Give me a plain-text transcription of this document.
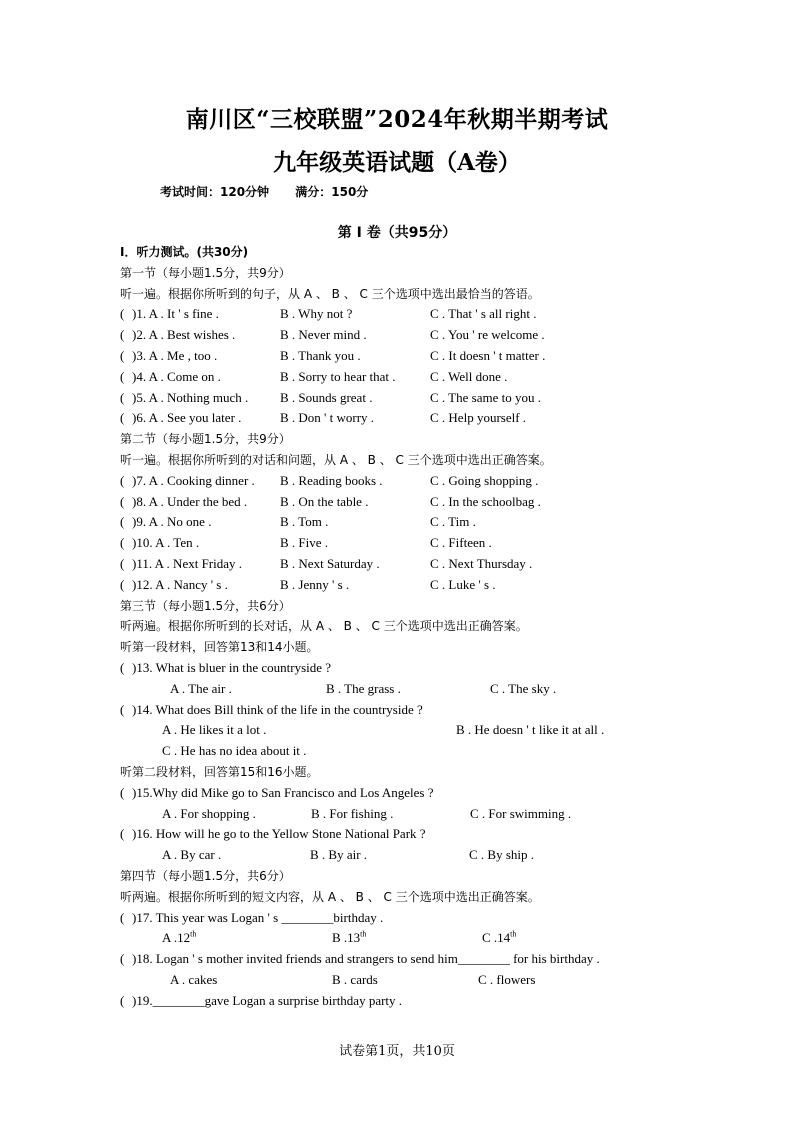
南川区“三校联盟”2024年秋期半期考试
九年级英语试题（A卷）
考试时间：120分钟 满分：150分
第 I 卷（共95分）
I．听力测试。(共30分)
第一节（每小题1.5分，共9分）
听一遍。根据你所听到的句子，从 A 、 B 、 C 三个选项中选出最恰当的答语。
( )1. A . It ' s fine .	B . Why not ?	C . That ' s all right .
( )2. A . Best wishes .	B . Never mind .	C . You ' re welcome .
( )3. A . Me , too .	B . Thank you .	C . It doesn ' t matter .
( )4. A . Come on .	B . Sorry to hear that .	C . Well done .
( )5. A . Nothing much . B . Sounds great .	C . The same to you .
( )6. A . See you later .	B . Don ' t worry .	C . Help yourself .
第二节（每小题1.5分，共9分）
听一遍。根据你所听到的对话和问题，从 A 、 B 、 C 三个选项中选出正确答案。
( )7. A . Cooking dinner . B . Reading books .	C . Going shopping .
( )8. A . Under the bed .	B . On the table .	C . In the schoolbag .
( )9. A . No one .	B . Tom .	C . Tim .
( )10. A . Ten .	B . Five .	C . Fifteen .
( )11. A . Next Friday .	B . Next Saturday .	C . Next Thursday .
( )12. A . Nancy ' s .	B . Jenny ' s .	C . Luke ' s .
第三节（每小题1.5分，共6分）
听两遍。根据你所听到的长对话，从 A 、 B 、 C 三个选项中选出正确答案。
听第一段材料，回答第13和14小题。
( )13. What is bluer in the countryside ?
A . The air .	B . The grass .	C . The sky .
( )14. What does Bill think of the life in the countryside ?
A . He likes it a lot .	B . He doesn ' t like it at all .
C . He has no idea about it .
听第二段材料，回答第15和16小题。
( )15.Why did Mike go to San Francisco and Los Angeles ?
A . For shopping .	B . For fishing .	C . For swimming .
( )16. How will he go to the Yellow Stone National Park ?
A . By car .	B . By air .	C . By ship .
第四节（每小题1.5分，共6分）
听两遍。根据你所听到的短文内容，从 A 、 B 、 C 三个选项中选出正确答案。
( )17. This year was Logan ' s ________birthday .
A .12th	B .13th	C .14th
( )18. Logan ' s mother invited friends and strangers to send him________ for his birthday .
A . cakes	B . cards	C . flowers
( )19.________gave Logan a surprise birthday party .
试卷第1页，共10页
